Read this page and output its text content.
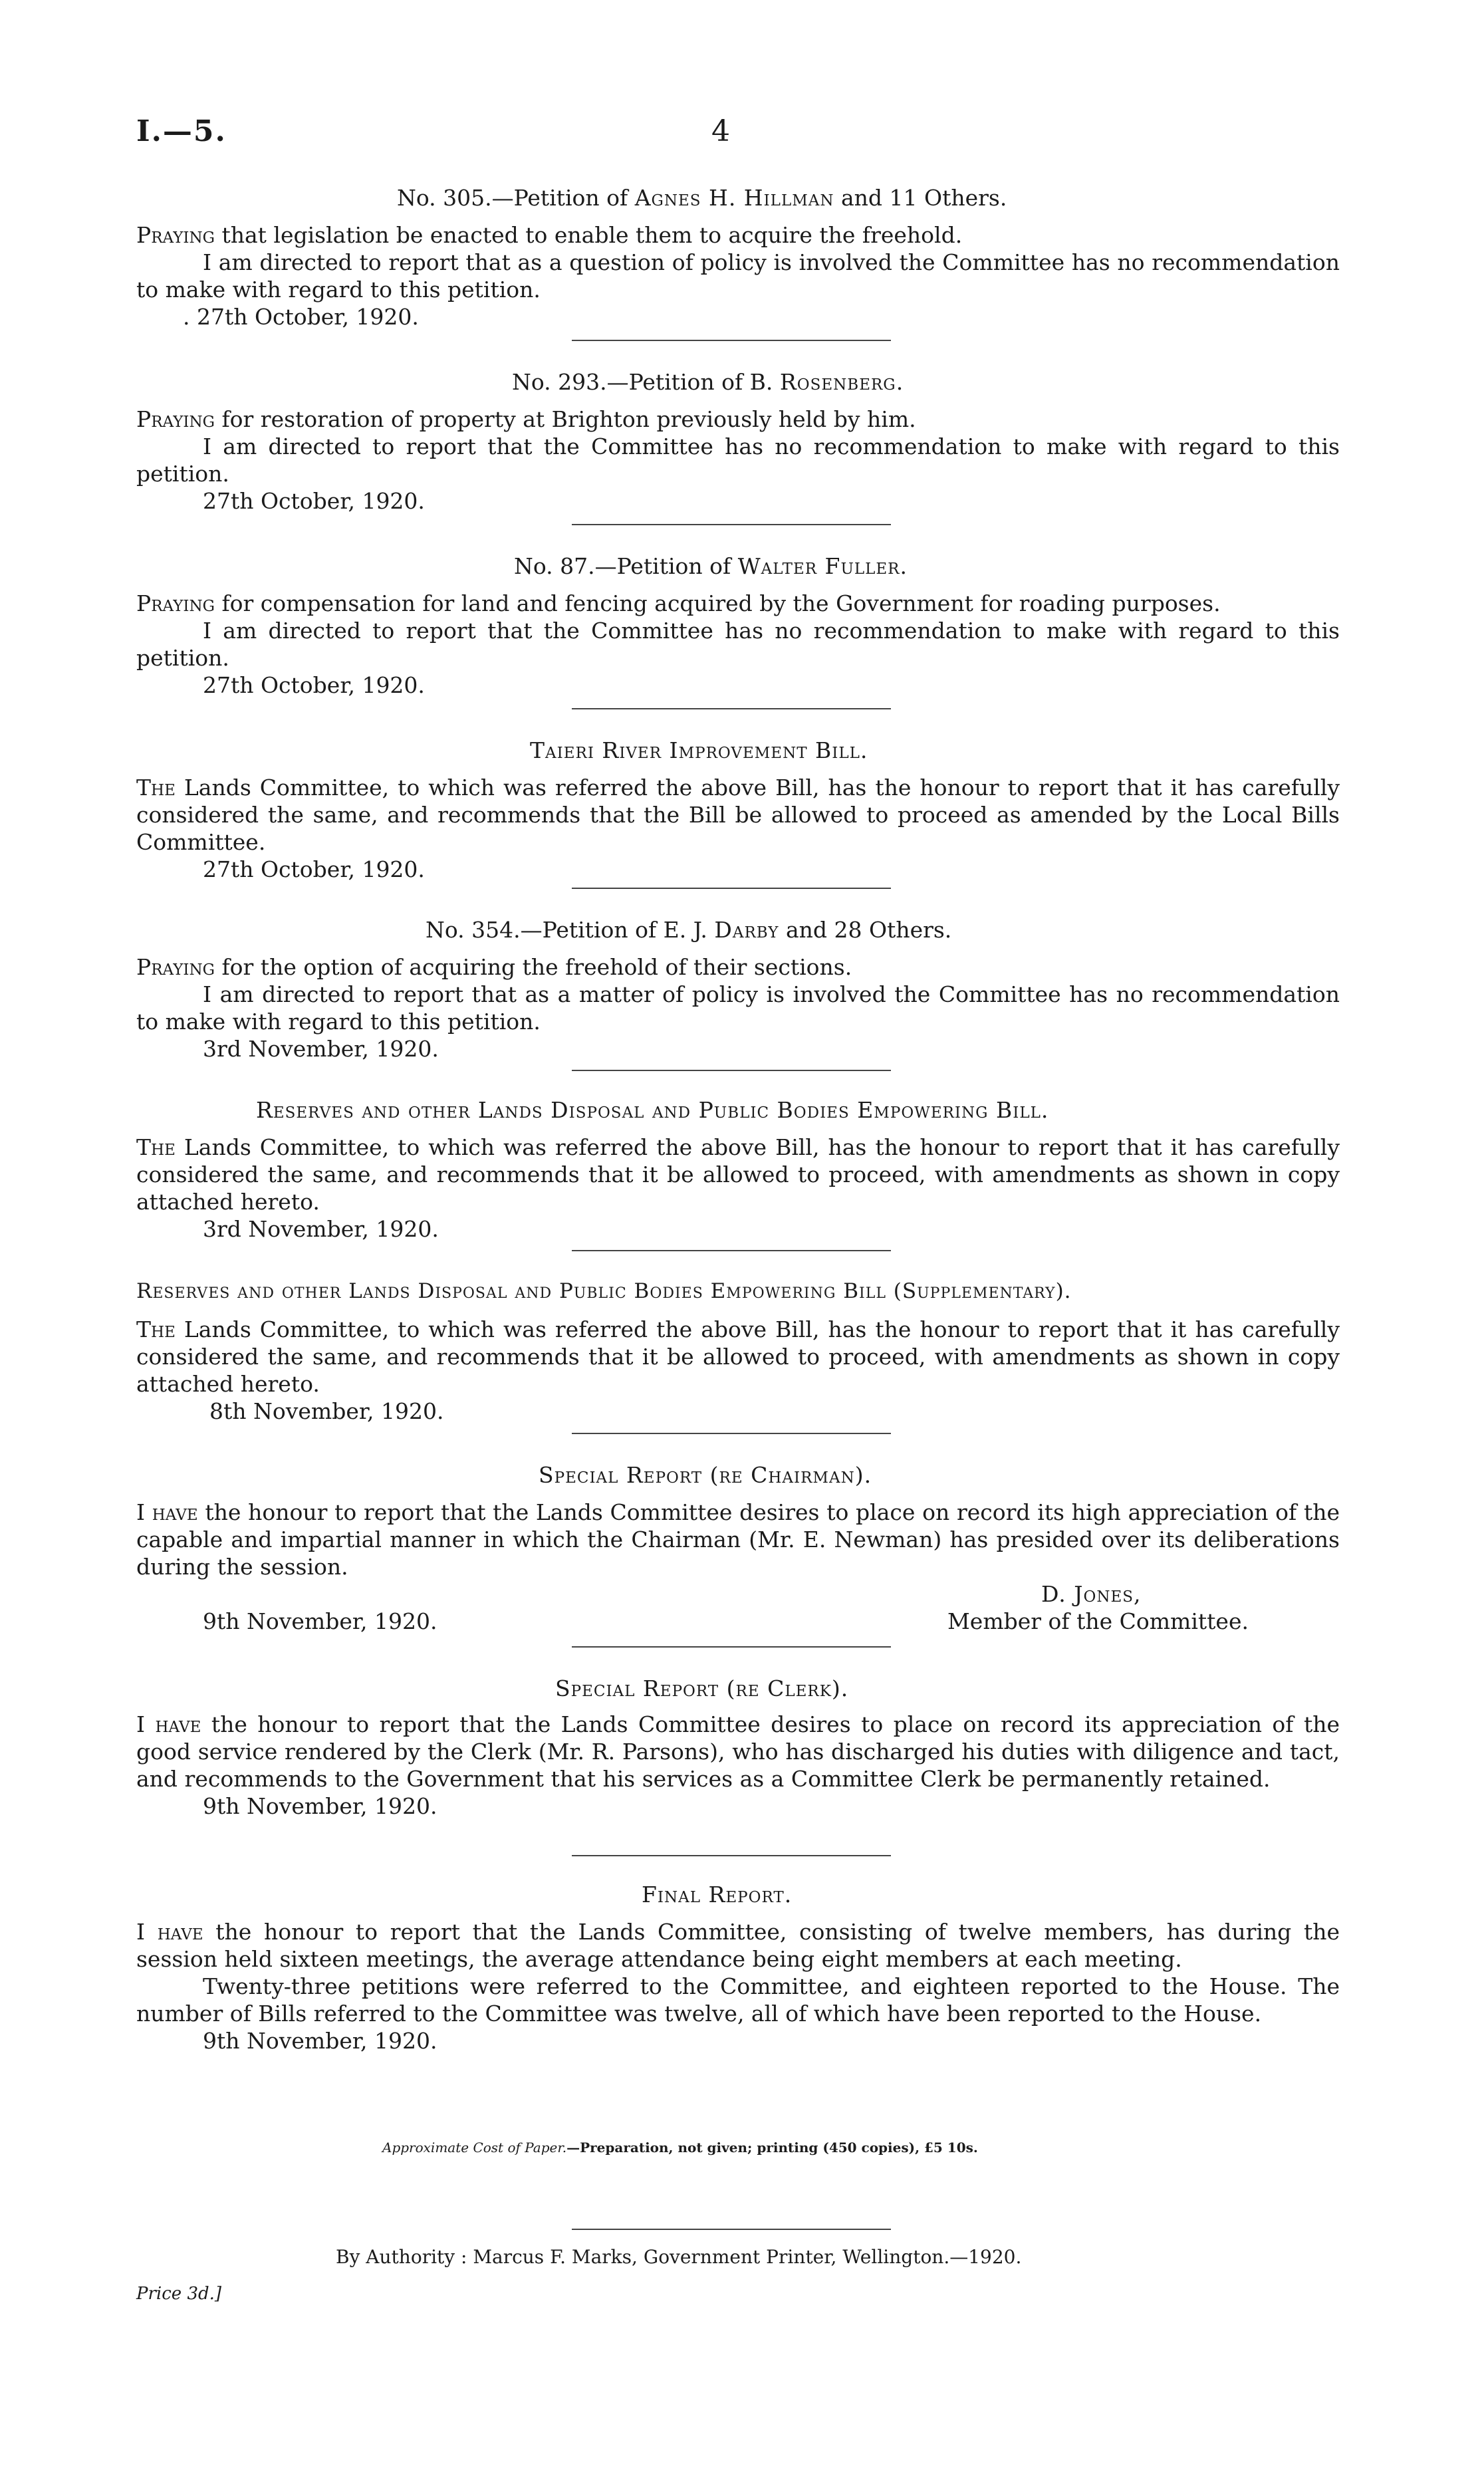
I.—5.	4
No. 305.—Petition of Agnes H. Hillman and 11 Others.

Praying that legislation be enacted to enable them to acquire the freehold.

I am directed to report that as a question of policy is involved the Committee has no recommendation to make with regard to this petition.

. 27th October, 1920.

No. 293.—Petition of B. Rosenberg.

Praying for restoration of property at Brighton previously held by him.

I am directed to report that the Committee has no recommendation to make with regard to this petition.

27th October, 1920.

No. 87.—Petition of Walter Fuller.

Praying for compensation for land and fencing acquired by the Government for roading purposes.

I am directed to report that the Committee has no recommendation to make with regard to this petition.

27th October, 1920.

Taieri River Improvement Bill.

The Lands Committee, to which was referred the above Bill, has the honour to report that it has carefully considered the same, and recommends that the Bill be allowed to proceed as amended by the Local Bills Committee.

27th October, 1920.

No. 354.—Petition of E. J. Darby and 28 Others.

Praying for the option of acquiring the freehold of their sections.

I am directed to report that as a matter of policy is involved the Committee has no recommendation to make with regard to this petition.

3rd November, 1920.

Reserves and other Lands Disposal and Public Bodies Empowering Bill.

The Lands Committee, to which was referred the above Bill, has the honour to report that it has carefully considered the same, and recommends that it be allowed to proceed, with amendments as shown in copy attached hereto.

3rd November, 1920.

Reserves and other Lands Disposal and Public Bodies Empowering Bill (Supplementary).

The Lands Committee, to which was referred the above Bill, has the honour to report that it has carefully considered the same, and recommends that it be allowed to proceed, with amendments as shown in copy attached hereto.

8th November, 1920.

Special Report (re Chairman).

I have the honour to report that the Lands Committee desires to place on record its high appreciation of the capable and impartial manner in which the Chairman (Mr. E. Newman) has presided over its deliberations during the session.

D. Jones,
Member of the Committee.
9th November, 1920.
Special Report (re Clerk).

I have the honour to report that the Lands Committee desires to place on record its appreciation of the good service rendered by the Clerk (Mr. R. Parsons), who has discharged his duties with diligence and tact, and recommends to the Government that his services as a Committee Clerk be permanently retained.

9th November, 1920.

Final Report.

I have the honour to report that the Lands Committee, consisting of twelve members, has during the session held sixteen meetings, the average attendance being eight members at each meeting.

Twenty-three petitions were referred to the Committee, and eighteen reported to the House. The number of Bills referred to the Committee was twelve, all of which have been reported to the House.

9th November, 1920.

Approximate Cost of Paper.—Preparation, not given; printing (450 copies), £5 10s.
By Authority : Marcus F. Marks, Government Printer, Wellington.—1920.
Price 3d.]
